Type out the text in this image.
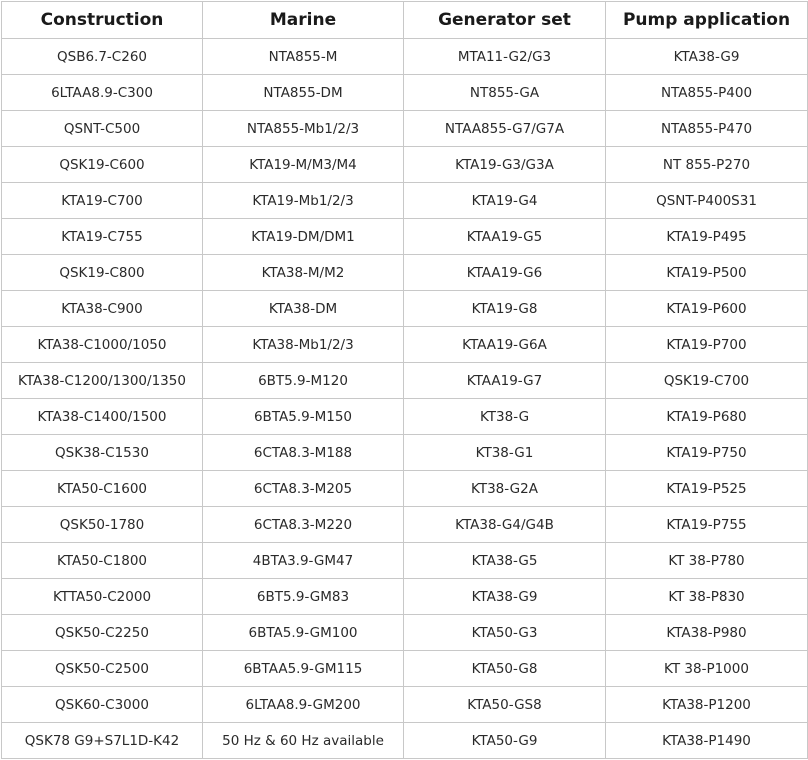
Construction	Marine	Generator set	Pump application
QSB6.7-C260	NTA855-M	MTA11-G2/G3	KTA38-G9
6LTAA8.9-C300	NTA855-DM	NT855-GA	NTA855-P400
QSNT-C500	NTA855-Mb1/2/3	NTAA855-G7/G7A	NTA855-P470
QSK19-C600	KTA19-M/M3/M4	KTA19-G3/G3A	NT 855-P270
KTA19-C700	KTA19-Mb1/2/3	KTA19-G4	QSNT-P400S31
KTA19-C755	KTA19-DM/DM1	KTAA19-G5	KTA19-P495
QSK19-C800	KTA38-M/M2	KTAA19-G6	KTA19-P500
KTA38-C900	KTA38-DM	KTA19-G8	KTA19-P600
KTA38-C1000/1050	KTA38-Mb1/2/3	KTAA19-G6A	KTA19-P700
KTA38-C1200/1300/1350	6BT5.9-M120	KTAA19-G7	QSK19-C700
KTA38-C1400/1500	6BTA5.9-M150	KT38-G	KTA19-P680
QSK38-C1530	6CTA8.3-M188	KT38-G1	KTA19-P750
KTA50-C1600	6CTA8.3-M205	KT38-G2A	KTA19-P525
QSK50-1780	6CTA8.3-M220	KTA38-G4/G4B	KTA19-P755
KTA50-C1800	4BTA3.9-GM47	KTA38-G5	KT 38-P780
KTTA50-C2000	6BT5.9-GM83	KTA38-G9	KT 38-P830
QSK50-C2250	6BTA5.9-GM100	KTA50-G3	KTA38-P980
QSK50-C2500	6BTAA5.9-GM115	KTA50-G8	KT 38-P1000
QSK60-C3000	6LTAA8.9-GM200	KTA50-GS8	KTA38-P1200
QSK78 G9+S7L1D-K42	50 Hz & 60 Hz available	KTA50-G9	KTA38-P1490
